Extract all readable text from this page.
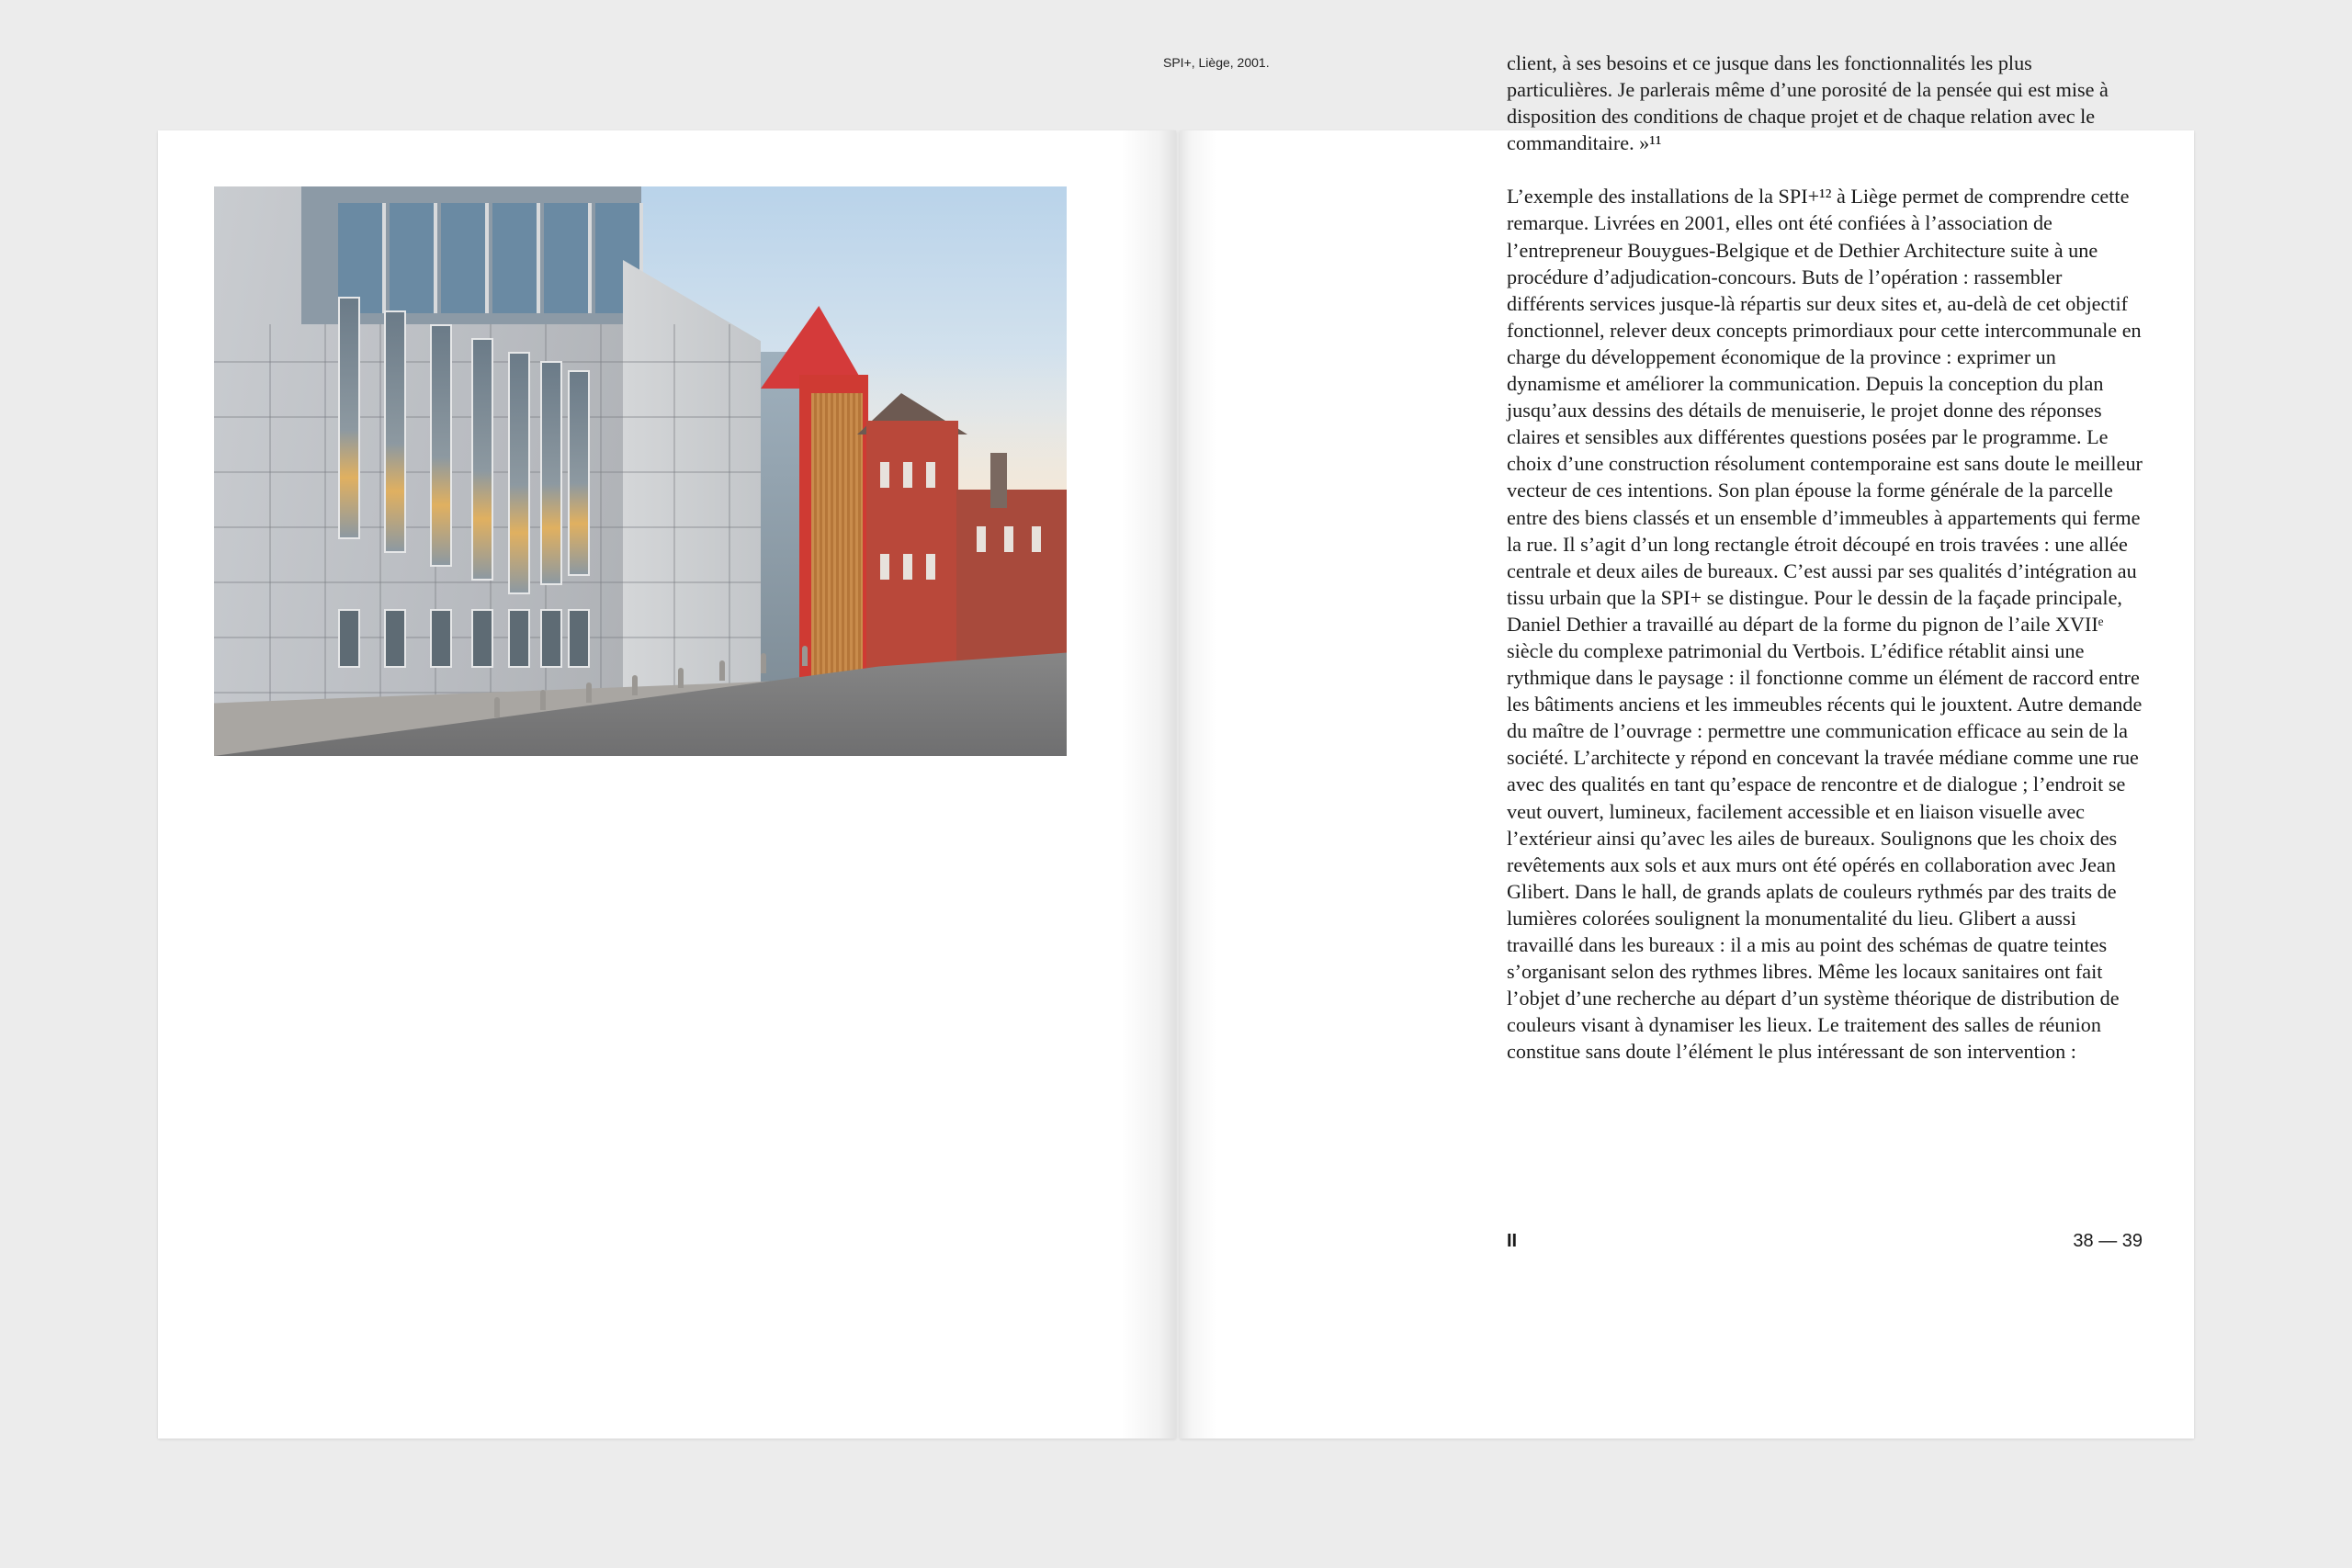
SPI+, Liège, 2001.	client, à ses besoins et ce jusque dans les fonctionnalités les plus particulières. Je parlerais même d’une porosité de la pensée qui est mise à disposition des conditions de chaque projet et de chaque relation avec le commanditaire. »¹¹

L’exemple des installations de la SPI+¹² à Liège permet de comprendre cette remarque. Livrées en 2001, elles ont été confiées à l’association de l’entrepreneur Bouygues-Belgique et de Dethier Architecture suite à une procédure d’adjudication-concours. Buts de l’opération : rassembler différents services jusque-là répartis sur deux sites et, au-delà de cet objectif fonctionnel, relever deux concepts primordiaux pour cette intercommunale en charge du développement économique de la province : exprimer un dynamisme et améliorer la communication. Depuis la conception du plan jusqu’aux dessins des détails de menuiserie, le projet donne des réponses claires et sensibles aux différentes questions posées par le programme. Le choix d’une construction résolument contemporaine est sans doute le meilleur vecteur de ces intentions. Son plan épouse la forme générale de la parcelle entre des biens classés et un ensemble d’immeubles à appartements qui ferme la rue. Il s’agit d’un long rectangle étroit découpé en trois travées : une allée centrale et deux ailes de bureaux. C’est aussi par ses qualités d’intégration au tissu urbain que la SPI+ se distingue. Pour le dessin de la façade principale, Daniel Dethier a travaillé au départ de la forme du pignon de l’aile XVIIᵉ siècle du complexe patrimonial du Vertbois. L’édifice rétablit ainsi une rythmique dans le paysage : il fonctionne comme un élément de raccord entre les bâtiments anciens et les immeubles récents qui le jouxtent. Autre demande du maître de l’ouvrage : permettre une communication efficace au sein de la société. L’architecte y répond en concevant la travée médiane comme une rue avec des qualités en tant qu’espace de rencontre et de dialogue ; l’endroit se veut ouvert, lumineux, facilement accessible et en liaison visuelle avec l’extérieur ainsi qu’avec les ailes de bureaux. Soulignons que les choix des revêtements aux sols et aux murs ont été opérés en collaboration avec Jean Glibert. Dans le hall, de grands aplats de couleurs rythmés par des traits de lumières colorées soulignent la monumentalité du lieu. Glibert a aussi travaillé dans les bureaux : il a mis au point des schémas de quatre teintes s’organisant selon des rythmes libres. Même les locaux sanitaires ont fait l’objet d’une recherche au départ d’un système théorique de distribution de couleurs visant à dynamiser les lieux. Le traitement des salles de réunion constitue sans doute l’élément le plus intéressant de son intervention :

II	38 — 39
